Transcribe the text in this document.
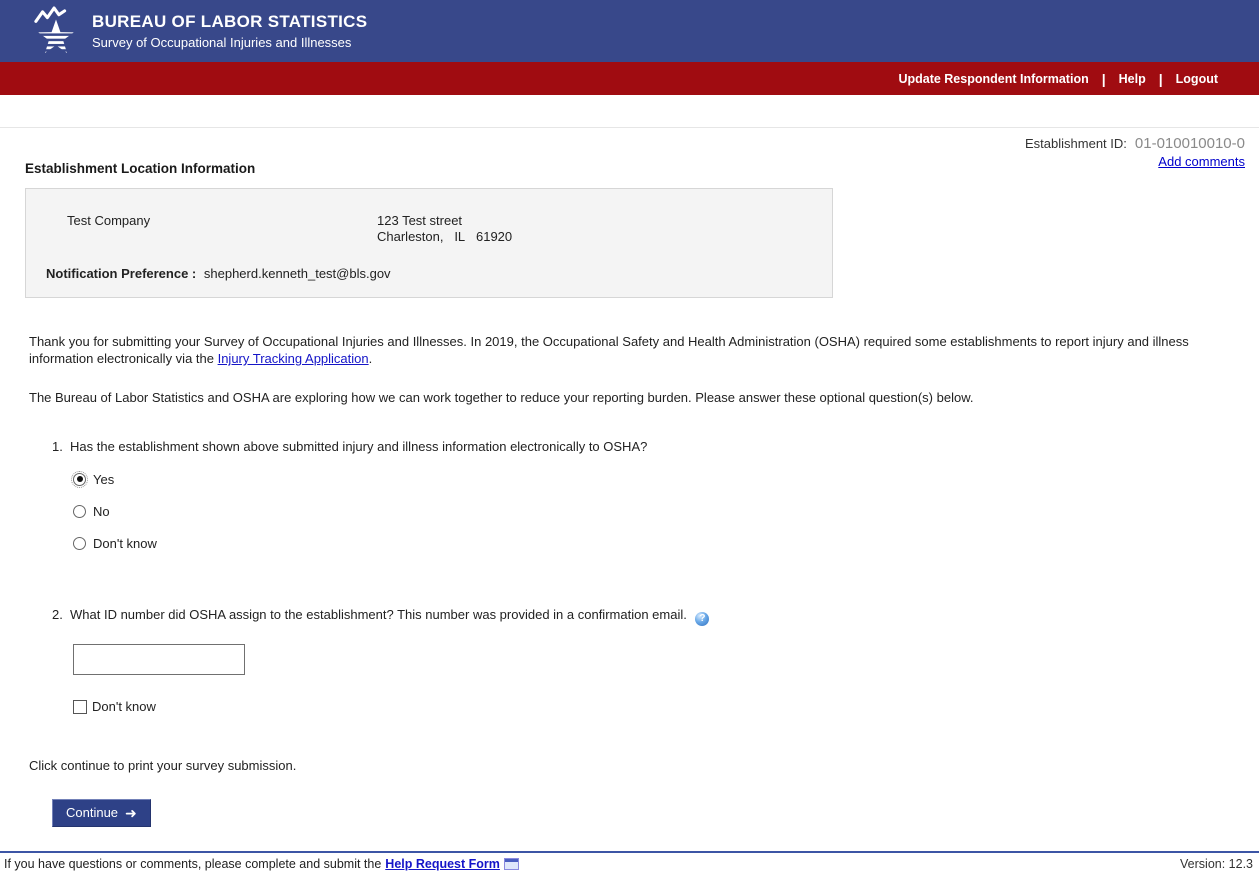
BUREAU OF LABOR STATISTICS
Survey of Occupational Injuries and Illnesses
Update Respondent Information |	Help |	Logout
Establishment ID: 01-010010010-0
Add comments
Establishment Location Information
Test Company	123 Test street
Charleston,   IL   61920
Notification Preference : shepherd.kenneth_test@bls.gov
Thank you for submitting your Survey of Occupational Injuries and Illnesses. In 2019, the Occupational Safety and Health Administration (OSHA) required some establishments to report injury and illness information electronically via the Injury Tracking Application.
The Bureau of Labor Statistics and OSHA are exploring how we can work together to reduce your reporting burden. Please answer these optional question(s) below.
1. Has the establishment shown above submitted injury and illness information electronically to OSHA?
Yes
No
Don't know
2. What ID number did OSHA assign to the establishment? This number was provided in a confirmation email. ?
Don't know
Click continue to print your survey submission.
Continue ➜
If you have questions or comments, please complete and submit the Help Request Form	Version: 12.3
